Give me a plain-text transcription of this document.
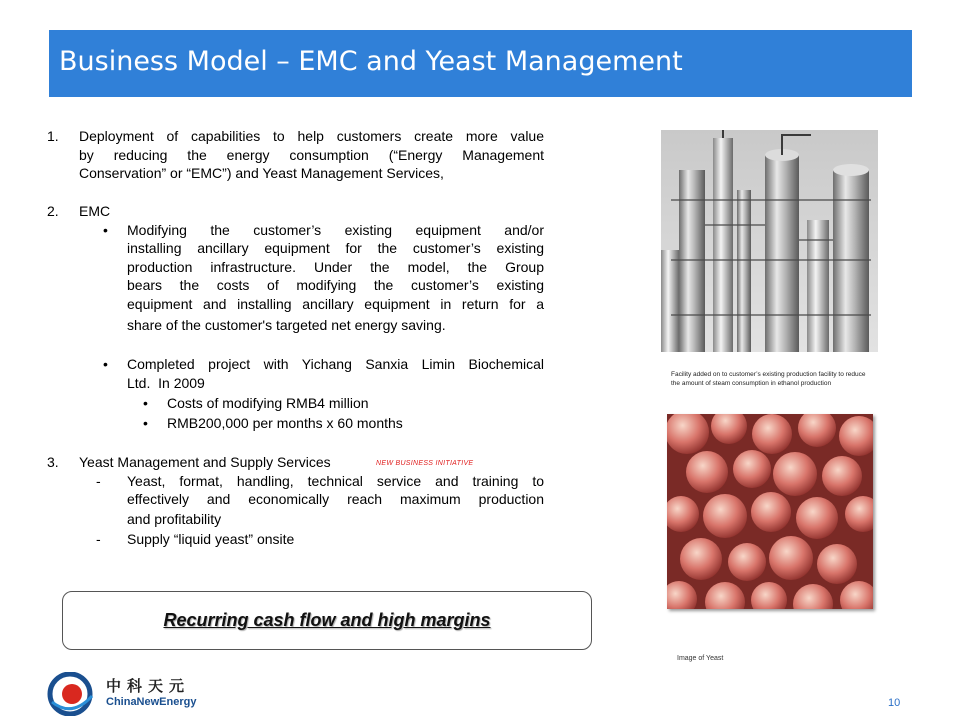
Business Model – EMC and Yeast Management
1. Deployment of capabilities to help customers create more value
by reducing the energy consumption (“Energy Management
Conservation” or “EMC”) and Yeast Management Services,
2. EMC
• Modifying the customer’s existing equipment and/or
installing ancillary equipment for the customer’s existing
production infrastructure. Under the model, the Group
bears the costs of modifying the customer’s existing
equipment and installing ancillary equipment in return for a
share of the customer's targeted net energy saving.
• Completed project with Yichang Sanxia Limin Biochemical
Ltd.  In 2009
• Costs of modifying RMB4 million
• RMB200,000 per months x 60 months
3. Yeast Management and Supply Services	NEW BUSINESS INITIATIVE
- Yeast, format, handling, technical service and training to
effectively and economically reach maximum production
and profitability
- Supply “liquid yeast” onsite
Recurring cash flow and high margins
Facility added on to customer’s existing production facility to reduce the amount of steam consumption in ethanol production
Image of Yeast
中科天元
ChinaNewEnergy	10
